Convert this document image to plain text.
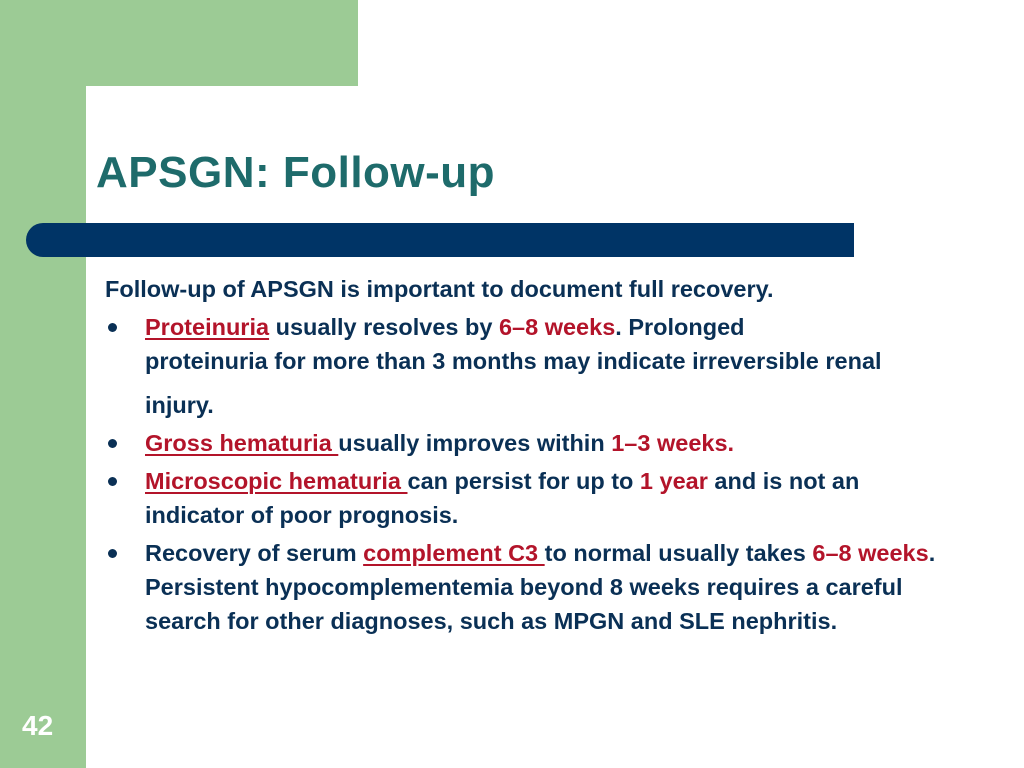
APSGN: Follow-up

Follow-up of APSGN is important to document full recovery.

Proteinuria usually resolves by 6–8 weeks. Prolonged
proteinuria for more than 3 months may indicate irreversible renal injury.

Gross hematuria usually improves within 1–3 weeks.

Microscopic hematuria can persist for up to 1 year and is not an indicator of poor prognosis.

Recovery of serum complement C3 to normal usually takes 6–8 weeks. Persistent hypocomplementemia beyond 8 weeks requires a careful search for other diagnoses, such as MPGN and SLE nephritis.

42
